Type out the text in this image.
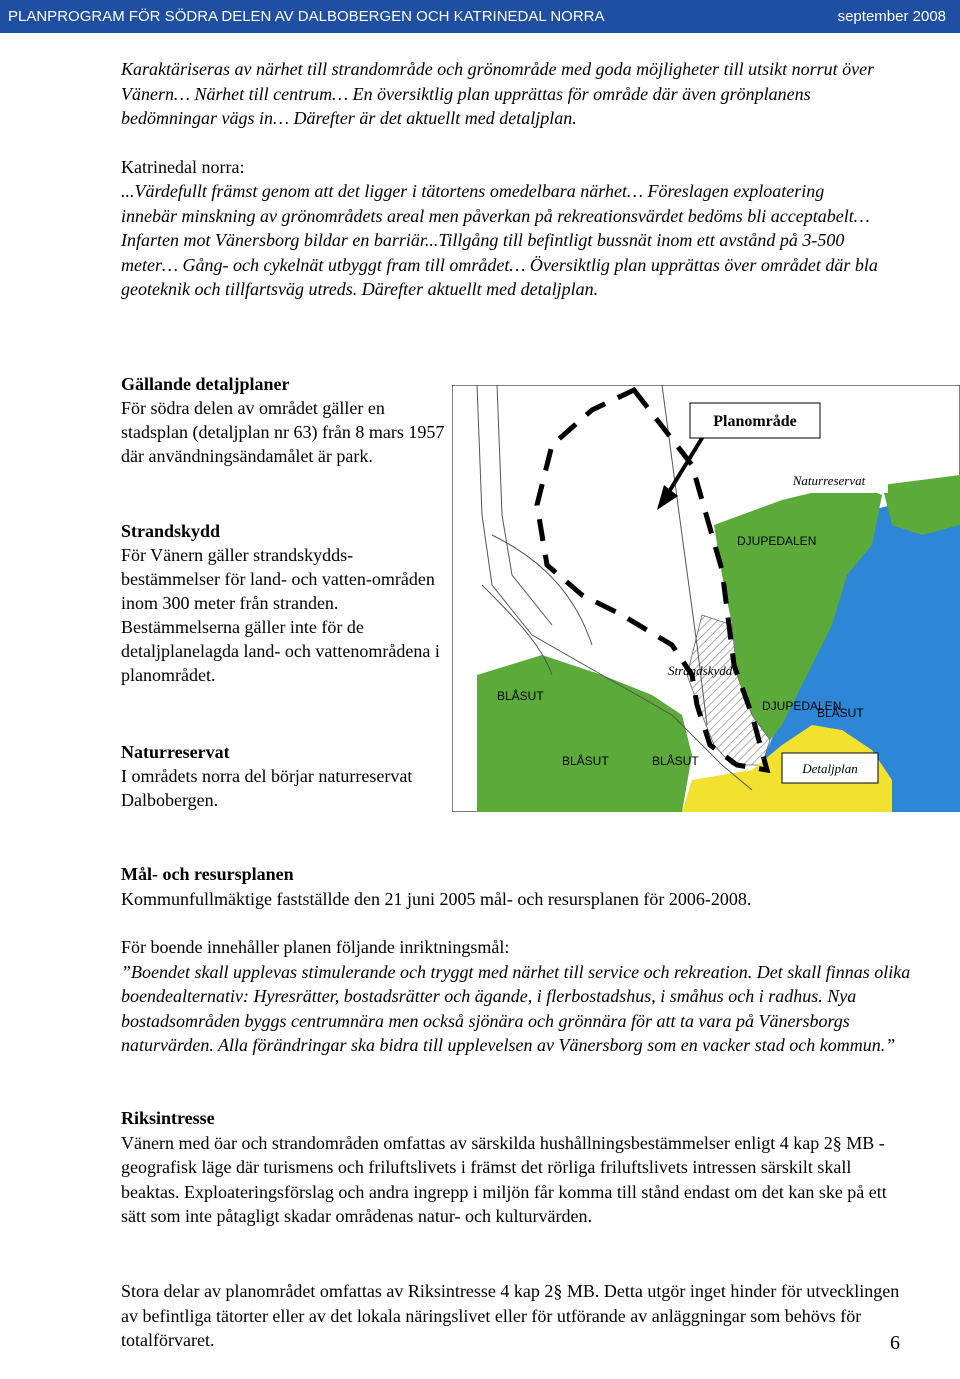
PLANPROGRAM FÖR SÖDRA DELEN AV DALBOBERGEN OCH KATRINEDAL NORRA	september 2008
Karaktäriseras av närhet till strandområde och grönområde med goda möjligheter till utsikt norrut över Vänern… Närhet till centrum… En översiktlig plan upprättas för område där även grönplanens bedömningar vägs in… Därefter är det aktuellt med detaljplan.
Katrinedal norra:
...Värdefullt främst genom att det ligger i tätortens omedelbara närhet… Föreslagen exploatering innebär minskning av grönområdets areal men påverkan på rekreationsvärdet bedöms bli acceptabelt… Infarten mot Vänersborg bildar en barriär...Tillgång till befintligt bussnät inom ett avstånd på 3-500 meter… Gång- och cykelnät utbyggt fram till området… Översiktlig plan upprättas över området där bla geoteknik och tillfartsväg utreds. Därefter aktuellt med detaljplan.
Gällande detaljplaner

För södra delen av området gäller en stadsplan (detaljplan nr 63) från 8 mars 1957 där användningsändamålet är park.

Strandskydd

För Vänern gäller strandskydds-bestämmelser för land- och vatten-områden inom 300 meter från stranden.

Bestämmelserna gäller inte för de detaljplanelagda land- och vattenområdena i planområdet.

Naturreservat

I områdets norra del börjar naturreservat Dalbobergen.

Planområde
Naturreservat
DJUPEDALEN
Strandskydd
DJUPEDALEN
BLÅSUT
BLÅSUT
BLÅSUT	BLÅSUT	Detaljplan
Mål- och resursplanen

Kommunfullmäktige fastställde den 21 juni 2005 mål- och resursplanen för 2006-2008.

För boende innehåller planen följande inriktningsmål:

”Boendet skall upplevas stimulerande och tryggt med närhet till service och rekreation. Det skall finnas olika boendealternativ: Hyresrätter, bostadsrätter och ägande, i flerbostadshus, i småhus och i radhus. Nya bostadsområden byggs centrumnära men också sjönära och grönnära för att ta vara på Vänersborgs naturvärden. Alla förändringar ska bidra till upplevelsen av Vänersborg som en vacker stad och kommun.”

Riksintresse

Vänern med öar och strandområden omfattas av särskilda hushållningsbestämmelser enligt 4 kap 2§ MB - geografisk läge där turismens och friluftslivets i främst det rörliga friluftslivets intressen särskilt skall beaktas. Exploateringsförslag och andra ingrepp i miljön får komma till stånd endast om det kan ske på ett sätt som inte påtagligt skadar områdenas natur- och kulturvärden.

Stora delar av planområdet omfattas av Riksintresse 4 kap 2§ MB. Detta utgör inget hinder för utvecklingen av befintliga tätorter eller av det lokala näringslivet eller för utförande av anläggningar som behövs för totalförvaret.	6
